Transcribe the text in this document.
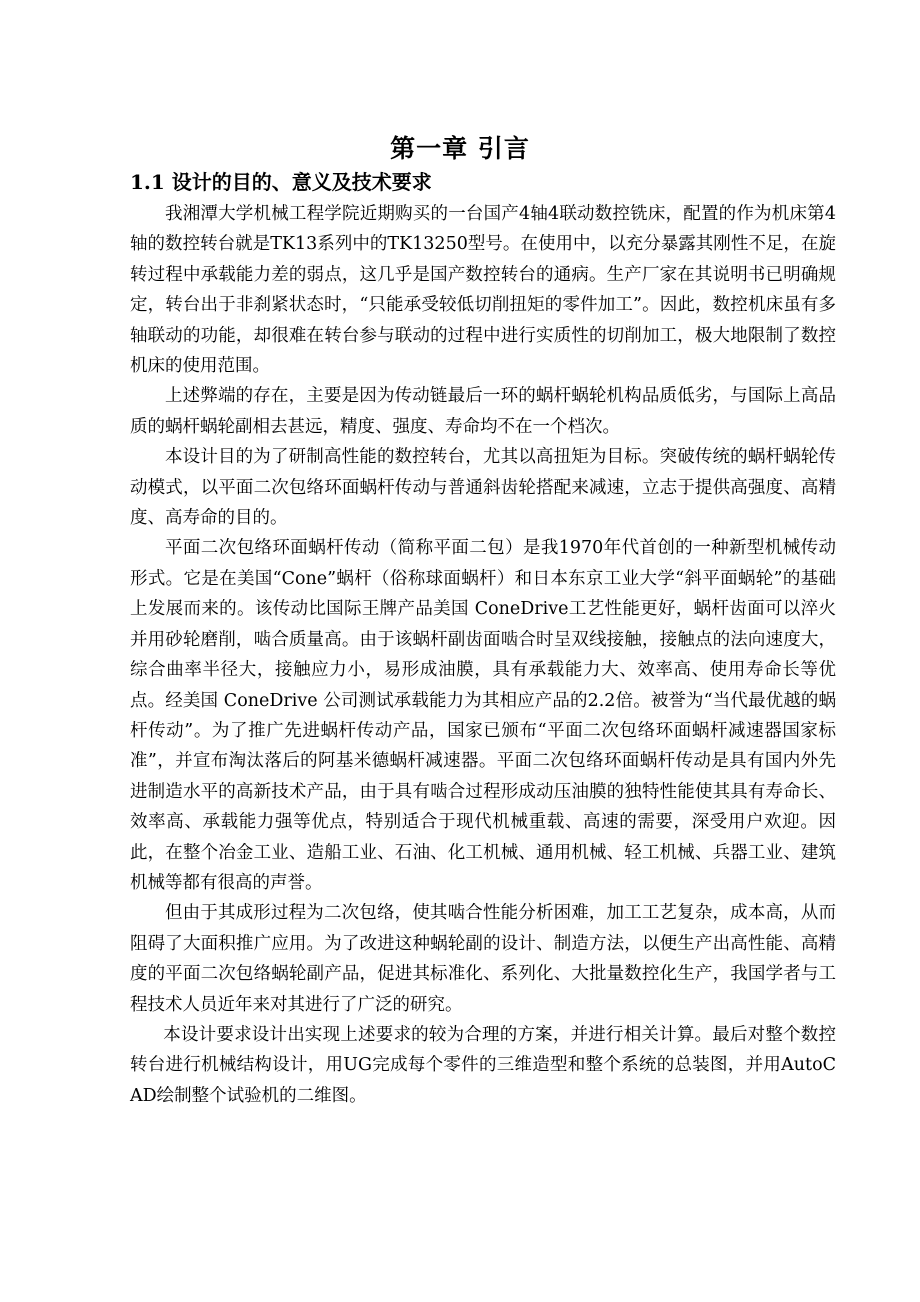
第一章 引言
1.1 设计的目的、意义及技术要求

我湘潭大学机械工程学院近期购买的一台国产4轴4联动数控铣床，配置的作为机床第4轴的数控转台就是TK13系列中的TK13250型号。在使用中，以充分暴露其刚性不足，在旋转过程中承载能力差的弱点，这几乎是国产数控转台的通病。生产厂家在其说明书已明确规定，转台出于非刹紧状态时，“只能承受较低切削扭矩的零件加工”。因此，数控机床虽有多轴联动的功能，却很难在转台参与联动的过程中进行实质性的切削加工，极大地限制了数控机床的使用范围。

上述弊端的存在，主要是因为传动链最后一环的蜗杆蜗轮机构品质低劣，与国际上高品质的蜗杆蜗轮副相去甚远，精度、强度、寿命均不在一个档次。

本设计目的为了研制高性能的数控转台，尤其以高扭矩为目标。突破传统的蜗杆蜗轮传动模式，以平面二次包络环面蜗杆传动与普通斜齿轮搭配来减速，立志于提供高强度、高精度、高寿命的目的。

平面二次包络环面蜗杆传动（简称平面二包）是我1970年代首创的一种新型机械传动形式。它是在美国“Cone”蜗杆（俗称球面蜗杆）和日本东京工业大学“斜平面蜗轮”的基础上发展而来的。该传动比国际王牌产品美国 ConeDrive工艺性能更好，蜗杆齿面可以淬火并用砂轮磨削，啮合质量高。由于该蜗杆副齿面啮合时呈双线接触，接触点的法向速度大，综合曲率半径大，接触应力小，易形成油膜，具有承载能力大、效率高、使用寿命长等优点。经美国 ConeDrive 公司测试承载能力为其相应产品的2.2倍。被誉为“当代最优越的蜗杆传动”。为了推广先进蜗杆传动产品，国家已颁布“平面二次包络环面蜗杆减速器国家标准”，并宣布淘汰落后的阿基米德蜗杆减速器。平面二次包络环面蜗杆传动是具有国内外先进制造水平的高新技术产品，由于具有啮合过程形成动压油膜的独特性能使其具有寿命长、效率高、承载能力强等优点，特别适合于现代机械重载、高速的需要，深受用户欢迎。因此，在整个冶金工业、造船工业、石油、化工机械、通用机械、轻工机械、兵器工业、建筑机械等都有很高的声誉。

但由于其成形过程为二次包络，使其啮合性能分析困难，加工工艺复杂，成本高，从而阻碍了大面积推广应用。为了改进这种蜗轮副的设计、制造方法，以便生产出高性能、高精度的平面二次包络蜗轮副产品，促进其标准化、系列化、大批量数控化生产，我国学者与工程技术人员近年来对其进行了广泛的研究。

本设计要求设计出实现上述要求的较为合理的方案，并进行相关计算。最后对整个数控转台进行机械结构设计，用UG完成每个零件的三维造型和整个系统的总装图，并用AutoCAD绘制整个试验机的二维图。
